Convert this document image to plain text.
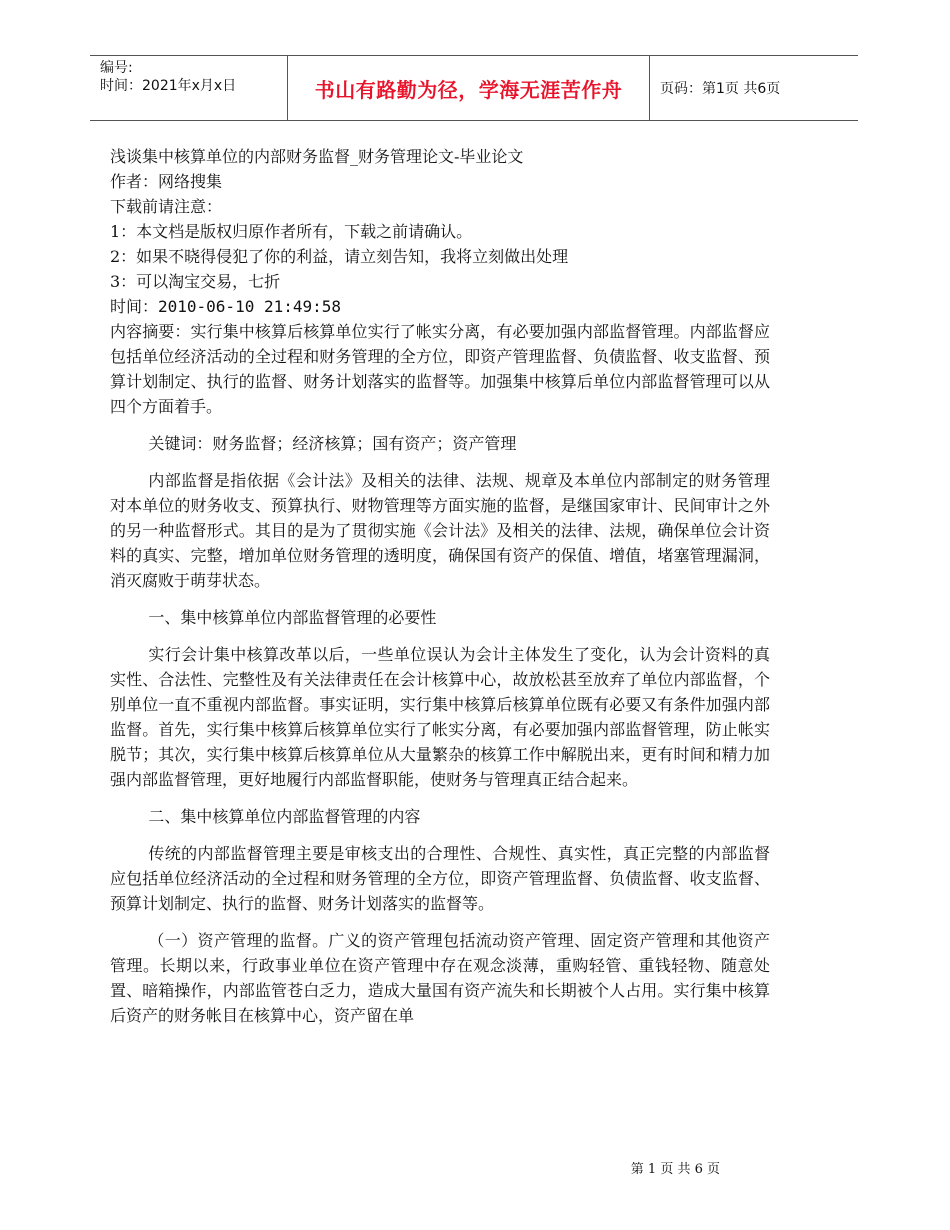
编号:
时间：2021年x月x日	书山有路勤为径，学海无涯苦作舟	页码：第1页 共6页

浅谈集中核算单位的内部财务监督_财务管理论文-毕业论文

作者：网络搜集

下载前请注意：

1：本文档是版权归原作者所有，下载之前请确认。

2：如果不晓得侵犯了你的利益，请立刻告知，我将立刻做出处理

3：可以淘宝交易，七折

时间：2010-06-10 21:49:58

内容摘要：实行集中核算后核算单位实行了帐实分离，有必要加强内部监督管理。内部监督应包括单位经济活动的全过程和财务管理的全方位，即资产管理监督、负债监督、收支监督、预算计划制定、执行的监督、财务计划落实的监督等。加强集中核算后单位内部监督管理可以从四个方面着手。

关键词：财务监督；经济核算；国有资产；资产管理

内部监督是指依据《会计法》及相关的法律、法规、规章及本单位内部制定的财务管理对本单位的财务收支、预算执行、财物管理等方面实施的监督，是继国家审计、民间审计之外的另一种监督形式。其目的是为了贯彻实施《会计法》及相关的法律、法规，确保单位会计资料的真实、完整，增加单位财务管理的透明度，确保国有资产的保值、增值，堵塞管理漏洞，消灭腐败于萌芽状态。

一、集中核算单位内部监督管理的必要性

实行会计集中核算改革以后，一些单位误认为会计主体发生了变化，认为会计资料的真实性、合法性、完整性及有关法律责任在会计核算中心，故放松甚至放弃了单位内部监督，个别单位一直不重视内部监督。事实证明，实行集中核算后核算单位既有必要又有条件加强内部监督。首先，实行集中核算后核算单位实行了帐实分离，有必要加强内部监督管理，防止帐实脱节；其次，实行集中核算后核算单位从大量繁杂的核算工作中解脱出来，更有时间和精力加强内部监督管理，更好地履行内部监督职能，使财务与管理真正结合起来。

二、集中核算单位内部监督管理的内容

传统的内部监督管理主要是审核支出的合理性、合规性、真实性，真正完整的内部监督应包括单位经济活动的全过程和财务管理的全方位，即资产管理监督、负债监督、收支监督、预算计划制定、执行的监督、财务计划落实的监督等。

（一）资产管理的监督。广义的资产管理包括流动资产管理、固定资产管理和其他资产管理。长期以来，行政事业单位在资产管理中存在观念淡薄，重购轻管、重钱轻物、随意处置、暗箱操作，内部监管苍白乏力，造成大量国有资产流失和长期被个人占用。实行集中核算后资产的财务帐目在核算中心，资产留在单

第 1 页 共 6 页
